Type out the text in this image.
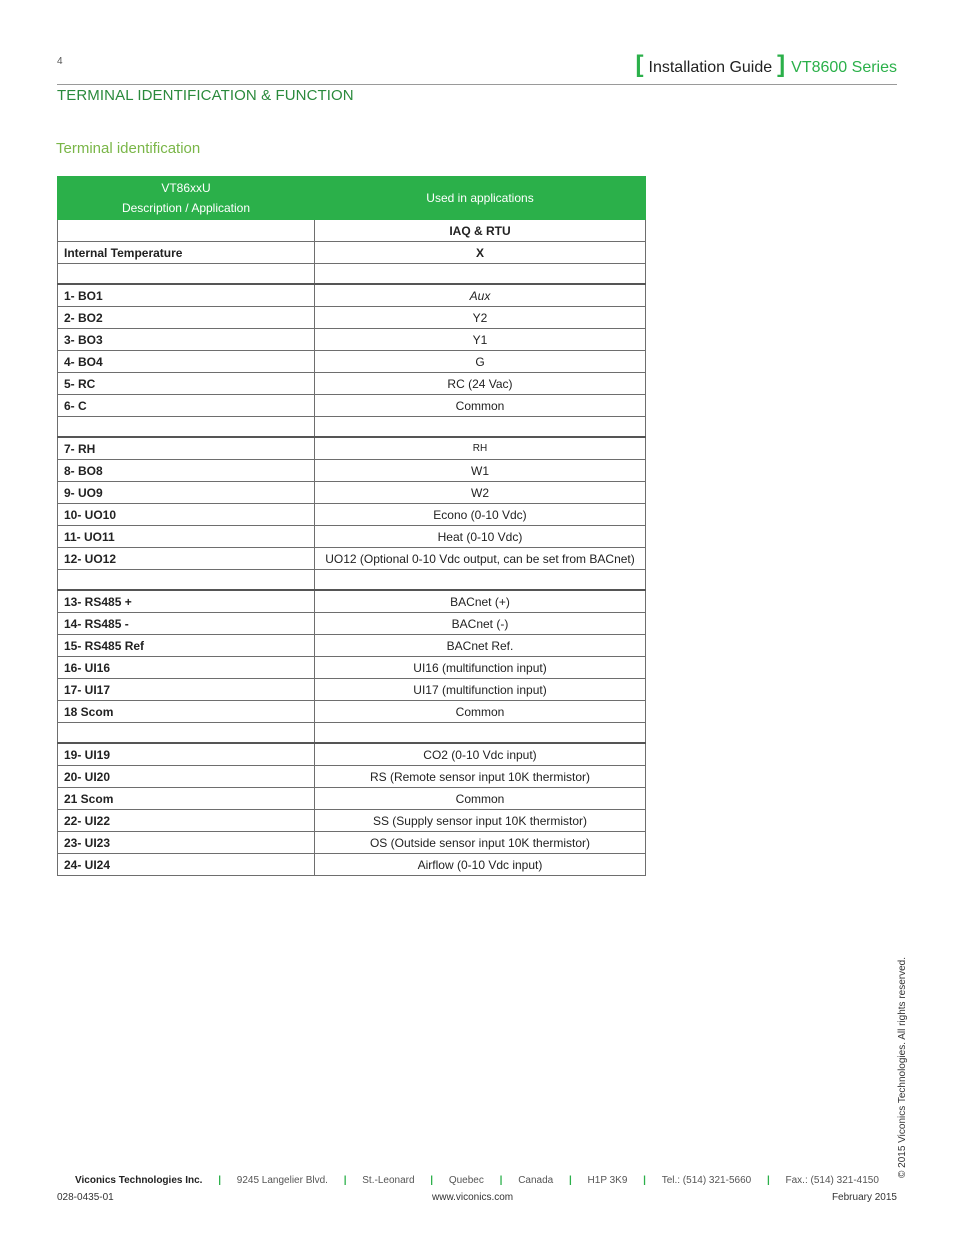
4	[ Installation Guide ] VT8600 Series
TERMINAL IDENTIFICATION & FUNCTION
Terminal identification
VT86xxU
Description / Application	Used in applications
	IAQ & RTU
Internal Temperature	X

1- BO1	Aux
2- BO2	Y2
3- BO3	Y1
4- BO4	G
5- RC	RC (24 Vac)
6- C	Common

7- RH	RH
8- BO8	W1
9- UO9	W2
10- UO10	Econo (0-10 Vdc)
11- UO11	Heat (0-10 Vdc)
12- UO12	UO12 (Optional 0-10 Vdc output, can be set from BACnet)

13- RS485 +	BACnet (+)
14- RS485 -	BACnet (-)
15- RS485 Ref	BACnet Ref.
16- UI16	UI16 (multifunction input)
17- UI17	UI17 (multifunction input)
18 Scom	Common

19- UI19	CO2 (0-10 Vdc input)
20- UI20	RS (Remote sensor input 10K thermistor)
21 Scom	Common
22- UI22	SS (Supply sensor input 10K thermistor)
23- UI23	OS (Outside sensor input 10K thermistor)
24- UI24	Airflow (0-10 Vdc input)
© 2015 Viconics Technologies. All rights reserved.
Viconics Technologies Inc. | 9245 Langelier Blvd. | St.-Leonard | Quebec | Canada | H1P 3K9 | Tel.: (514) 321-5660 | Fax.: (514) 321-4150
028-0435-01	www.viconics.com	February 2015
